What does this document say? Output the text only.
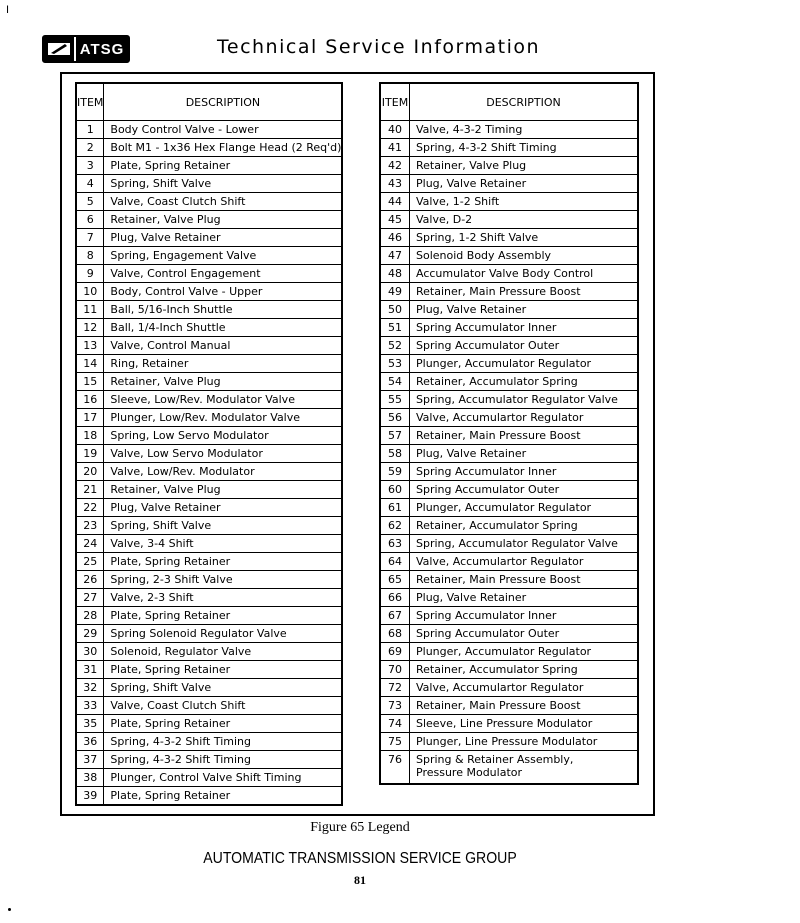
I
ATSG	Technical Service Information
ITEM	DESCRIPTION
1	Body Control Valve - Lower
2	Bolt M1 - 1x36 Hex Flange Head (2 Req'd)
3	Plate, Spring Retainer
4	Spring, Shift Valve
5	Valve, Coast Clutch Shift
6	Retainer, Valve Plug
7	Plug, Valve Retainer
8	Spring, Engagement Valve
9	Valve, Control Engagement
10	Body, Control Valve - Upper
11	Ball, 5/16-Inch Shuttle
12	Ball, 1/4-Inch Shuttle
13	Valve, Control Manual
14	Ring, Retainer
15	Retainer, Valve Plug
16	Sleeve, Low/Rev. Modulator Valve
17	Plunger, Low/Rev. Modulator Valve
18	Spring, Low Servo Modulator
19	Valve, Low Servo Modulator
20	Valve, Low/Rev. Modulator
21	Retainer, Valve Plug
22	Plug, Valve Retainer
23	Spring, Shift Valve
24	Valve, 3-4 Shift
25	Plate, Spring Retainer
26	Spring, 2-3 Shift Valve
27	Valve, 2-3 Shift
28	Plate, Spring Retainer
29	Spring Solenoid Regulator Valve
30	Solenoid, Regulator Valve
31	Plate, Spring Retainer
32	Spring, Shift Valve
33	Valve, Coast Clutch Shift
35	Plate, Spring Retainer
36	Spring, 4-3-2 Shift Timing
37	Spring, 4-3-2 Shift Timing
38	Plunger, Control Valve Shift Timing
39	Plate, Spring Retainer
ITEM	DESCRIPTION
40	Valve, 4-3-2 Timing
41	Spring, 4-3-2 Shift Timing
42	Retainer, Valve Plug
43	Plug, Valve Retainer
44	Valve, 1-2 Shift
45	Valve, D-2
46	Spring, 1-2 Shift Valve
47	Solenoid Body Assembly
48	Accumulator Valve Body Control
49	Retainer, Main Pressure Boost
50	Plug, Valve Retainer
51	Spring Accumulator Inner
52	Spring Accumulator Outer
53	Plunger, Accumulator Regulator
54	Retainer, Accumulator Spring
55	Spring, Accumulator Regulator Valve
56	Valve, Accumulartor Regulator
57	Retainer, Main Pressure Boost
58	Plug, Valve Retainer
59	Spring Accumulator Inner
60	Spring Accumulator Outer
61	Plunger, Accumulator Regulator
62	Retainer, Accumulator Spring
63	Spring, Accumulator Regulator Valve
64	Valve, Accumulartor Regulator
65	Retainer, Main Pressure Boost
66	Plug, Valve Retainer
67	Spring Accumulator Inner
68	Spring Accumulator Outer
69	Plunger, Accumulator Regulator
70	Retainer, Accumulator Spring
72	Valve, Accumulartor Regulator
73	Retainer, Main Pressure Boost
74	Sleeve, Line Pressure Modulator
75	Plunger, Line Pressure Modulator
76	Spring & Retainer Assembly,
Pressure Modulator
Figure 65 Legend
AUTOMATIC TRANSMISSION SERVICE GROUP
81
